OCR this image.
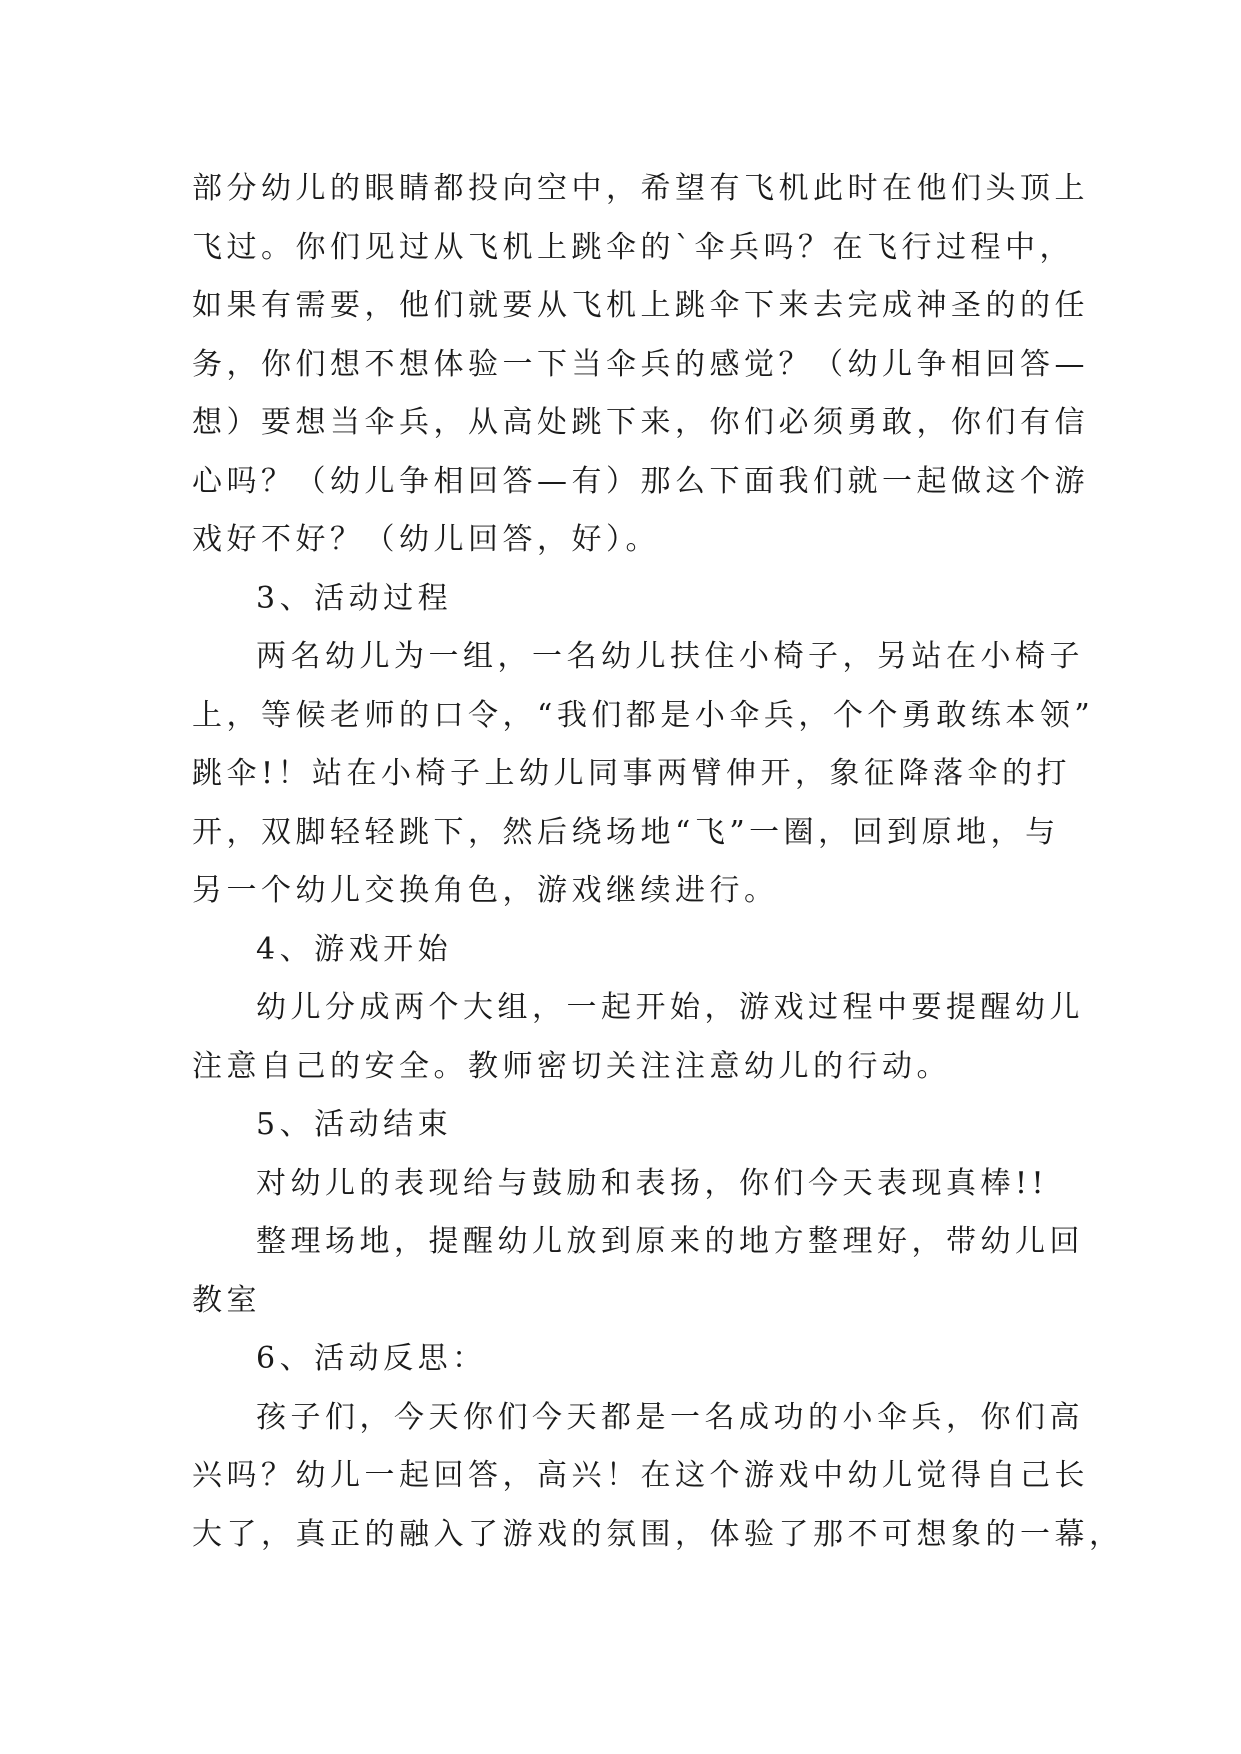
部分幼儿的眼睛都投向空中，希望有飞机此时在他们头顶上
飞过。你们见过从飞机上跳伞的`伞兵吗？在飞行过程中，
如果有需要，他们就要从飞机上跳伞下来去完成神圣的的任
务，你们想不想体验一下当伞兵的感觉？（幼儿争相回答—
想）要想当伞兵，从高处跳下来，你们必须勇敢，你们有信
心吗？（幼儿争相回答—有）那么下面我们就一起做这个游
戏好不好？（幼儿回答，好）。
3、活动过程
两名幼儿为一组，一名幼儿扶住小椅子，另站在小椅子
上，等候老师的口令，“我们都是小伞兵，个个勇敢练本领”
跳伞!！站在小椅子上幼儿同事两臂伸开，象征降落伞的打
开，双脚轻轻跳下，然后绕场地“飞”一圈，回到原地，与
另一个幼儿交换角色，游戏继续进行。
4、游戏开始
幼儿分成两个大组，一起开始，游戏过程中要提醒幼儿
注意自己的安全。教师密切关注注意幼儿的行动。
5、活动结束
对幼儿的表现给与鼓励和表扬，你们今天表现真棒!!
整理场地，提醒幼儿放到原来的地方整理好，带幼儿回
教室
6、活动反思：
孩子们，今天你们今天都是一名成功的小伞兵，你们高
兴吗？幼儿一起回答，高兴！在这个游戏中幼儿觉得自己长
大了，真正的融入了游戏的氛围，体验了那不可想象的一幕，
